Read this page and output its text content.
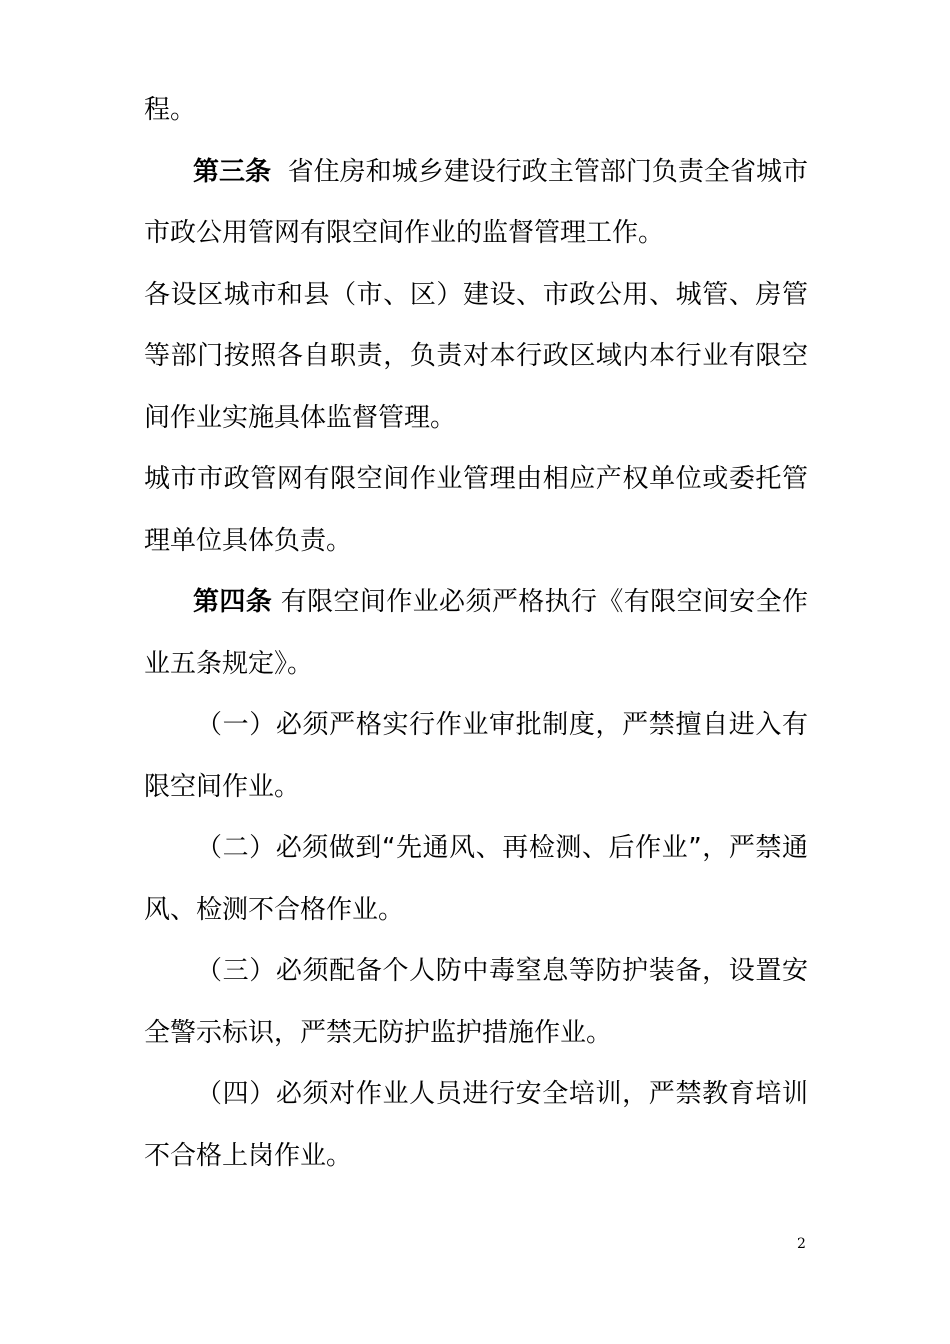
程。

第三条  省住房和城乡建设行政主管部门负责全省城市市政公用管网有限空间作业的监督管理工作。

各设区城市和县（市、区）建设、市政公用、城管、房管等部门按照各自职责，负责对本行政区域内本行业有限空间作业实施具体监督管理。

城市市政管网有限空间作业管理由相应产权单位或委托管理单位具体负责。

第四条 有限空间作业必须严格执行《有限空间安全作业五条规定》。

（一）必须严格实行作业审批制度，严禁擅自进入有限空间作业。

（二）必须做到“先通风、再检测、后作业”，严禁通风、检测不合格作业。

（三）必须配备个人防中毒窒息等防护装备，设置安全警示标识，严禁无防护监护措施作业。

（四）必须对作业人员进行安全培训，严禁教育培训不合格上岗作业。

2
